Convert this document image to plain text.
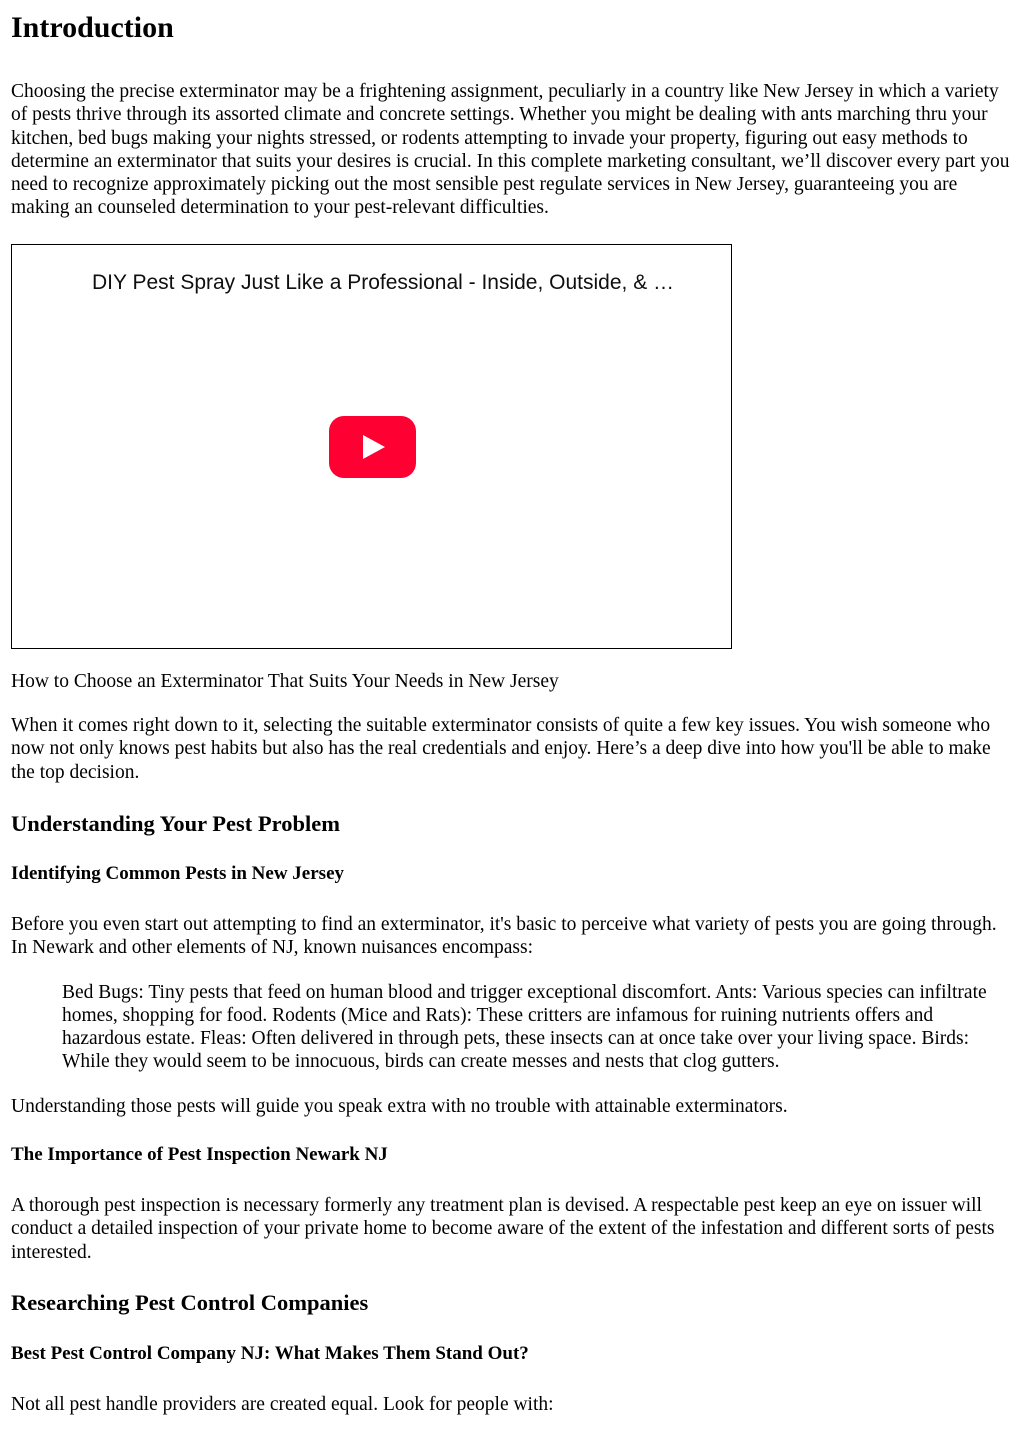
Introduction

Choosing the precise exterminator may be a frightening assignment, peculiarly in a country like New Jersey in which a variety of pests thrive through its assorted climate and concrete settings. Whether you might be dealing with ants marching thru your kitchen, bed bugs making your nights stressed, or rodents attempting to invade your property, figuring out easy methods to determine an exterminator that suits your desires is crucial. In this complete marketing consultant, we’ll discover every part you need to recognize approximately picking out the most sensible pest regulate services in New Jersey, guaranteeing you are making an counseled determination to your pest-relevant difficulties.

DIY Pest Spray Just Like a Professional - Inside, Outside, & …

How to Choose an Exterminator That Suits Your Needs in New Jersey

When it comes right down to it, selecting the suitable exterminator consists of quite a few key issues. You wish someone who now not only knows pest habits but also has the real credentials and enjoy. Here’s a deep dive into how you'll be able to make the top decision.

Understanding Your Pest Problem
Identifying Common Pests in New Jersey

Before you even start out attempting to find an exterminator, it's basic to perceive what variety of pests you are going through. In Newark and other elements of NJ, known nuisances encompass:

Bed Bugs: Tiny pests that feed on human blood and trigger exceptional discomfort. Ants: Various species can infiltrate homes, shopping for food. Rodents (Mice and Rats): These critters are infamous for ruining nutrients offers and hazardous estate. Fleas: Often delivered in through pets, these insects can at once take over your living space. Birds: While they would seem to be innocuous, birds can create messes and nests that clog gutters.

Understanding those pests will guide you speak extra with no trouble with attainable exterminators.

The Importance of Pest Inspection Newark NJ

A thorough pest inspection is necessary formerly any treatment plan is devised. A respectable pest keep an eye on issuer will conduct a detailed inspection of your private home to become aware of the extent of the infestation and different sorts of pests interested.

Researching Pest Control Companies
Best Pest Control Company NJ: What Makes Them Stand Out?

Not all pest handle providers are created equal. Look for people with:
